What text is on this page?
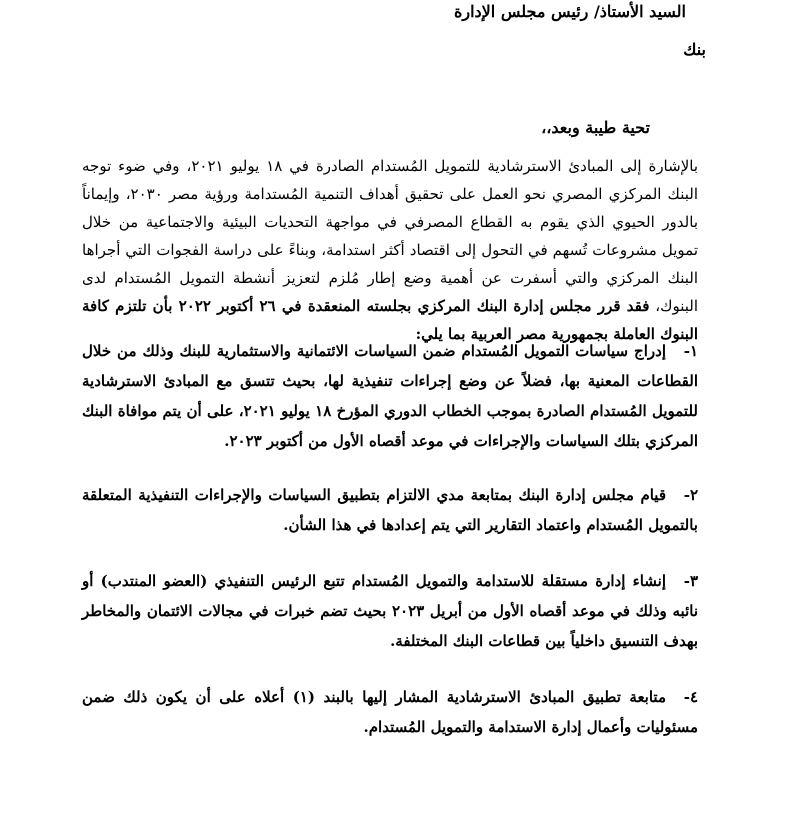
السيد الأستاذ/ رئيس مجلس الإدارة
بنك
تحية طيبة وبعد،،
بالإشارة إلى المبادئ الاسترشادية للتمويل المُستدام الصادرة في ١٨ يوليو ٢٠٢١، وفي ضوء توجه البنك المركزي المصري نحو العمل على تحقيق أهداف التنمية المُستدامة ورؤية مصر ٢٠٣٠، وإيماناً بالدور الحيوي الذي يقوم به القطاع المصرفي في مواجهة التحديات البيئية والاجتماعية من خلال تمويل مشروعات تُسهم في التحول إلى اقتصاد أكثر استدامة، وبناءً على دراسة الفجوات التي أجراها البنك المركزي والتي أسفرت عن أهمية وضع إطار مُلزم لتعزيز أنشطة التمويل المُستدام لدى البنوك، فقد قرر مجلس إدارة البنك المركزي بجلسته المنعقدة في ٢٦ أكتوبر ٢٠٢٢ بأن تلتزم كافة البنوك العاملة بجمهورية مصر العربية بما يلي:
١-إدراج سياسات التمويل المُستدام ضمن السياسات الائتمانية والاستثمارية للبنك وذلك من خلال القطاعات المعنية بها، فضلاً عن وضع إجراءات تنفيذية لها، بحيث تتسق مع المبادئ الاسترشادية للتمويل المُستدام الصادرة بموجب الخطاب الدوري المؤرخ ١٨ يوليو ٢٠٢١، على أن يتم موافاة البنك المركزي بتلك السياسات والإجراءات في موعد أقصاه الأول من أكتوبر ٢٠٢٣.
٢-قيام مجلس إدارة البنك بمتابعة مدي الالتزام بتطبيق السياسات والإجراءات التنفيذية المتعلقة بالتمويل المُستدام واعتماد التقارير التي يتم إعدادها في هذا الشأن.
٣-إنشاء إدارة مستقلة للاستدامة والتمويل المُستدام تتبع الرئيس التنفيذي (العضو المنتدب) أو نائبه وذلك في موعد أقصاه الأول من أبريل ٢٠٢٣ بحيث تضم خبرات في مجالات الائتمان والمخاطر بهدف التنسيق داخلياً بين قطاعات البنك المختلفة.
٤-متابعة تطبيق المبادئ الاسترشادية المشار إليها بالبند (١) أعلاه على أن يكون ذلك ضمن مسئوليات وأعمال إدارة الاستدامة والتمويل المُستدام.
